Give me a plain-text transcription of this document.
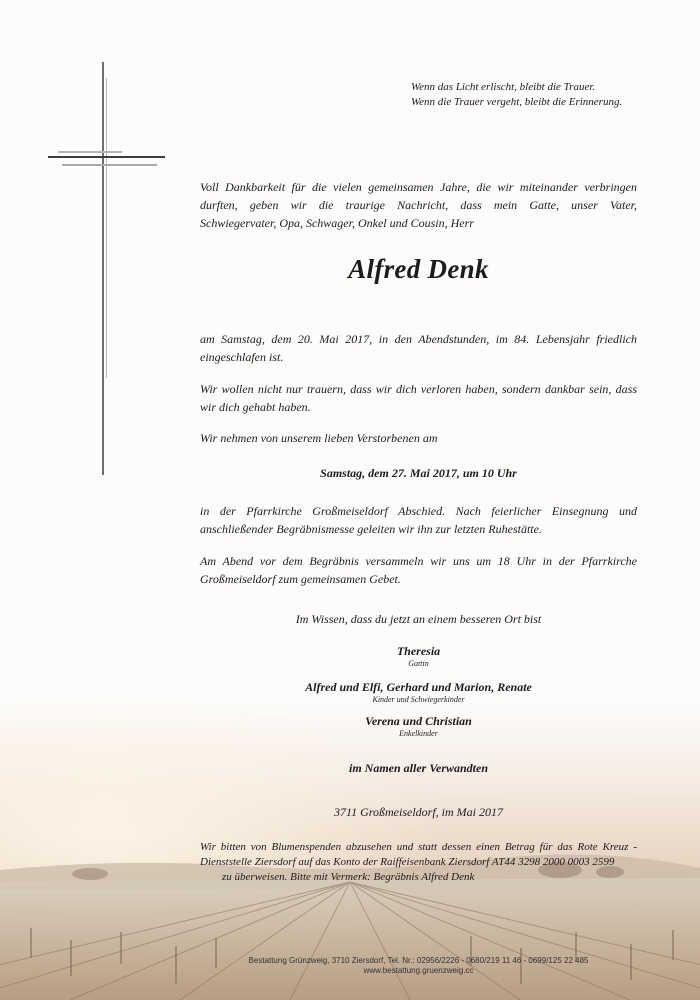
Wenn das Licht erlischt, bleibt die Trauer.
Wenn die Trauer vergeht, bleibt die Erinnerung.
Voll Dankbarkeit für die vielen gemeinsamen Jahre, die wir miteinander verbringen
durften, geben wir die traurige Nachricht, dass mein Gatte, unser Vater,
Schwiegervater, Opa, Schwager, Onkel und Cousin, Herr
Alfred Denk
am Samstag, dem 20. Mai 2017, in den Abendstunden, im 84. Lebensjahr friedlich eingeschlafen ist.
Wir wollen nicht nur trauern, dass wir dich verloren haben, sondern dankbar sein, dass wir dich gehabt haben.
Wir nehmen von unserem lieben Verstorbenen am
Samstag, dem 27. Mai 2017, um 10 Uhr
in der Pfarrkirche Großmeiseldorf Abschied. Nach feierlicher Einsegnung und anschließender Begräbnismesse geleiten wir ihn zur letzten Ruhestätte.
Am Abend vor dem Begräbnis versammeln wir uns um 18 Uhr in der Pfarrkirche Großmeiseldorf zum gemeinsamen Gebet.
Im Wissen, dass du jetzt an einem besseren Ort bist
Theresia
Gattin
Alfred und Elfi, Gerhard und Marion, Renate
Kinder und Schwiegerkinder
Verena und Christian
Enkelkinder
im Namen aller Verwandten
3711 Großmeiseldorf, im Mai 2017
Wir bitten von Blumenspenden abzusehen und statt dessen einen Betrag für das Rote Kreuz -
Dienststelle Ziersdorf auf das Konto der Raiffeisenbank Ziersdorf AT44 3298 2000 0003 2599
zu überweisen. Bitte mit Vermerk: Begräbnis Alfred Denk
Bestattung Grünzweig, 3710 Ziersdorf, Tel. Nr.: 02956/2226 - 0680/219 11 46 - 0699/125 22 485
www.bestattung.gruenzweig.cc
